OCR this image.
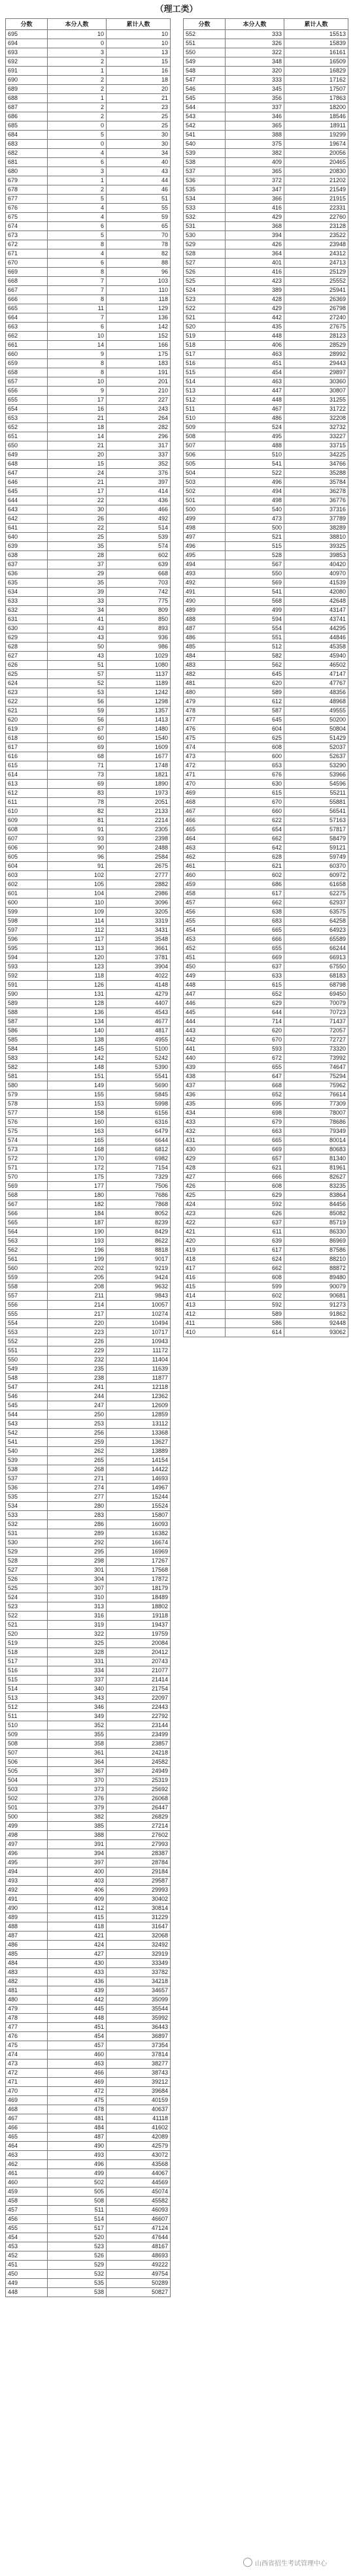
（理工类）
分数	本分人数	累计人数
695	10	10
694	0	10
693	3	13
692	2	15
691	1	16
690	2	18
689	2	20
688	1	21
687	2	23
686	2	25
685	0	25
684	5	30
683	0	30
682	4	34
681	6	40
680	3	43
679	1	44
678	2	46
677	5	51
676	4	55
675	4	59
674	6	65
673	5	70
672	8	78
671	4	82
670	6	88
669	8	96
668	7	103
667	7	110
666	8	118
665	11	129
664	7	136
663	6	142
662	10	152
661	14	166
660	9	175
659	8	183
658	8	191
657	10	201
656	9	210
655	17	227
654	16	243
653	21	264
652	18	282
651	14	296
650	21	317
649	20	337
648	15	352
647	24	376
646	21	397
645	17	414
644	22	436
643	30	466
642	26	492
641	22	514
640	25	539
639	35	574
638	28	602
637	37	639
636	29	668
635	35	703
634	39	742
633	33	775
632	34	809
631	41	850
630	43	893
629	43	936
628	50	986
627	43	1029
626	51	1080
625	57	1137
624	52	1189
623	53	1242
622	56	1298
621	59	1357
620	56	1413
619	67	1480
618	60	1540
617	69	1609
616	68	1677
615	71	1748
614	73	1821
613	69	1890
612	83	1973
611	78	2051
610	82	2133
609	81	2214
608	91	2305
607	93	2398
606	90	2488
605	96	2584
604	91	2675
603	102	2777
602	105	2882
601	104	2986
600	110	3096
599	109	3205
598	114	3319
597	112	3431
596	117	3548
595	113	3661
594	120	3781
593	123	3904
592	118	4022
591	126	4148
590	131	4279
589	128	4407
588	136	4543
587	134	4677
586	140	4817
585	138	4955
584	145	5100
583	142	5242
582	148	5390
581	151	5541
580	149	5690
579	155	5845
578	153	5998
577	158	6156
576	160	6316
575	163	6479
574	165	6644
573	168	6812
572	170	6982
571	172	7154
570	175	7329
569	177	7506
568	180	7686
567	182	7868
566	184	8052
565	187	8239
564	190	8429
563	193	8622
562	196	8818
561	199	9017
560	202	9219
559	205	9424
558	208	9632
557	211	9843
556	214	10057
555	217	10274
554	220	10494
553	223	10717
552	226	10943
551	229	11172
550	232	11404
549	235	11639
548	238	11877
547	241	12118
546	244	12362
545	247	12609
544	250	12859
543	253	13112
542	256	13368
541	259	13627
540	262	13889
539	265	14154
538	268	14422
537	271	14693
536	274	14967
535	277	15244
534	280	15524
533	283	15807
532	286	16093
531	289	16382
530	292	16674
529	295	16969
528	298	17267
527	301	17568
526	304	17872
525	307	18179
524	310	18489
523	313	18802
522	316	19118
521	319	19437
520	322	19759
519	325	20084
518	328	20412
517	331	20743
516	334	21077
515	337	21414
514	340	21754
513	343	22097
512	346	22443
511	349	22792
510	352	23144
509	355	23499
508	358	23857
507	361	24218
506	364	24582
505	367	24949
504	370	25319
503	373	25692
502	376	26068
501	379	26447
500	382	26829
499	385	27214
498	388	27602
497	391	27993
496	394	28387
495	397	28784
494	400	29184
493	403	29587
492	406	29993
491	409	30402
490	412	30814
489	415	31229
488	418	31647
487	421	32068
486	424	32492
485	427	32919
484	430	33349
483	433	33782
482	436	34218
481	439	34657
480	442	35099
479	445	35544
478	448	35992
477	451	36443
476	454	36897
475	457	37354
474	460	37814
473	463	38277
472	466	38743
471	469	39212
470	472	39684
469	475	40159
468	478	40637
467	481	41118
466	484	41602
465	487	42089
464	490	42579
463	493	43072
462	496	43568
461	499	44067
460	502	44569
459	505	45074
458	508	45582
457	511	46093
456	514	46607
455	517	47124
454	520	47644
453	523	48167
452	526	48693
451	529	49222
450	532	49754
449	535	50289
448	538	50827
分数	本分人数	累计人数
552	333	15513
551	326	15839
550	322	16161
549	348	16509
548	320	16829
547	333	17162
546	345	17507
545	356	17863
544	337	18200
543	346	18546
542	365	18911
541	388	19299
540	375	19674
539	382	20056
538	409	20465
537	365	20830
536	372	21202
535	347	21549
534	366	21915
533	416	22331
532	429	22760
531	368	23128
530	394	23522
529	426	23948
528	364	24312
527	401	24713
526	416	25129
525	423	25552
524	389	25941
523	428	26369
522	429	26798
521	442	27240
520	435	27675
519	448	28123
518	406	28529
517	463	28992
516	451	29443
515	454	29897
514	463	30360
513	447	30807
512	448	31255
511	467	31722
510	486	32208
509	524	32732
508	495	33227
507	488	33715
506	510	34225
505	541	34766
504	522	35288
503	496	35784
502	494	36278
501	498	36776
500	540	37316
499	473	37789
498	500	38289
497	521	38810
496	515	39325
495	528	39853
494	567	40420
493	550	40970
492	569	41539
491	541	42080
490	568	42648
489	499	43147
488	594	43741
487	554	44295
486	551	44846
485	512	45358
484	582	45940
483	562	46502
482	645	47147
481	620	47767
480	589	48356
479	612	48968
478	587	49555
477	645	50200
476	604	50804
475	625	51429
474	608	52037
473	600	52637
472	653	53290
471	676	53966
470	630	54596
469	615	55211
468	670	55881
467	660	56541
466	622	57163
465	654	57817
464	662	58479
463	642	59121
462	628	59749
461	621	60370
460	602	60972
459	686	61658
458	617	62275
457	662	62937
456	638	63575
455	683	64258
454	665	64923
453	666	65589
452	655	66244
451	669	66913
450	637	67550
449	633	68183
448	615	68798
447	652	69450
446	629	70079
445	644	70723
444	714	71437
443	620	72057
442	670	72727
441	593	73320
440	672	73992
439	655	74647
438	647	75294
437	668	75962
436	652	76614
435	695	77309
434	698	78007
433	679	78686
432	663	79349
431	665	80014
430	669	80683
429	657	81340
428	621	81961
427	666	82627
426	608	83235
425	629	83864
424	592	84456
423	626	85082
422	637	85719
421	611	86330
420	639	86969
419	617	87586
418	624	88210
417	662	88872
416	608	89480
415	599	90079
414	602	90681
413	592	91273
412	589	91862
411	586	92448
410	614	93062
山西省招生考试管理中心
